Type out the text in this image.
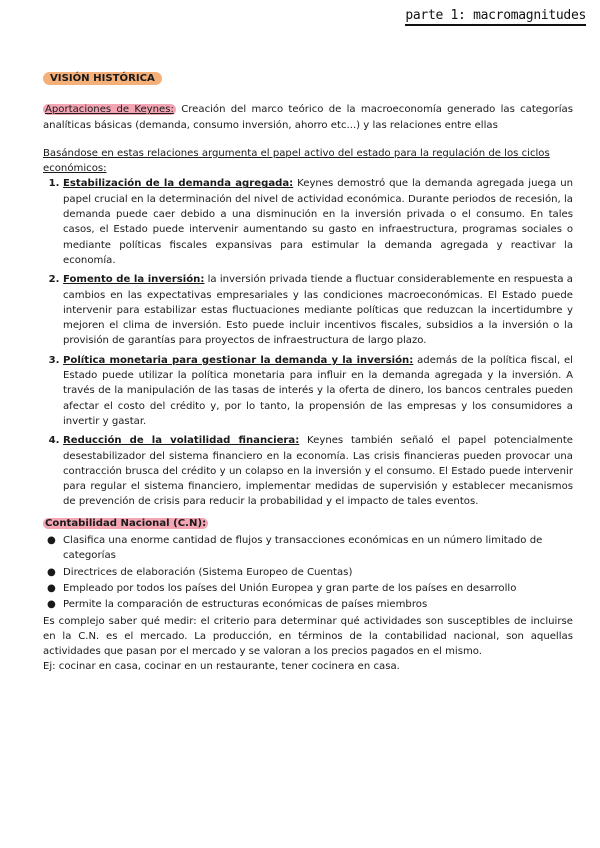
parte 1: macromagnitudes
VISIÓN HISTÓRICA

Aportaciones de Keynes: Creación del marco teórico de la macroeconomía generado las categorías analíticas básicas (demanda, consumo inversión, ahorro etc...) y las relaciones entre ellas

Basándose en estas relaciones argumenta el papel activo del estado para la regulación de los ciclos económicos:

1. Estabilización de la demanda agregada: Keynes demostró que la demanda agregada juega un papel crucial en la determinación del nivel de actividad económica. Durante periodos de recesión, la demanda puede caer debido a una disminución en la inversión privada o el consumo. En tales casos, el Estado puede intervenir aumentando su gasto en infraestructura, programas sociales o mediante políticas fiscales expansivas para estimular la demanda agregada y reactivar la economía.
2. Fomento de la inversión: la inversión privada tiende a fluctuar considerablemente en respuesta a cambios en las expectativas empresariales y las condiciones macroeconómicas. El Estado puede intervenir para estabilizar estas fluctuaciones mediante políticas que reduzcan la incertidumbre y mejoren el clima de inversión. Esto puede incluir incentivos fiscales, subsidios a la inversión o la provisión de garantías para proyectos de infraestructura de largo plazo.
3. Política monetaria para gestionar la demanda y la inversión: además de la política fiscal, el Estado puede utilizar la política monetaria para influir en la demanda agregada y la inversión. A través de la manipulación de las tasas de interés y la oferta de dinero, los bancos centrales pueden afectar el costo del crédito y, por lo tanto, la propensión de las empresas y los consumidores a invertir y gastar.
4. Reducción de la volatilidad financiera: Keynes también señaló el papel potencialmente desestabilizador del sistema financiero en la economía. Las crisis financieras pueden provocar una contracción brusca del crédito y un colapso en la inversión y el consumo. El Estado puede intervenir para regular el sistema financiero, implementar medidas de supervisión y establecer mecanismos de prevención de crisis para reducir la probabilidad y el impacto de tales eventos.
Contabilidad Nacional (C.N):
● Clasifica una enorme cantidad de flujos y transacciones económicas en un número limitado de categorías
● Directrices de elaboración (Sistema Europeo de Cuentas)
● Empleado por todos los países del Unión Europea y gran parte de los países en desarrollo
● Permite la comparación de estructuras económicas de países miembros

Es complejo saber qué medir: el criterio para determinar qué actividades son susceptibles de incluirse en la C.N. es el mercado. La producción, en términos de la contabilidad nacional, son aquellas actividades que pasan por el mercado y se valoran a los precios pagados en el mismo.

Ej: cocinar en casa, cocinar en un restaurante, tener cocinera en casa.
